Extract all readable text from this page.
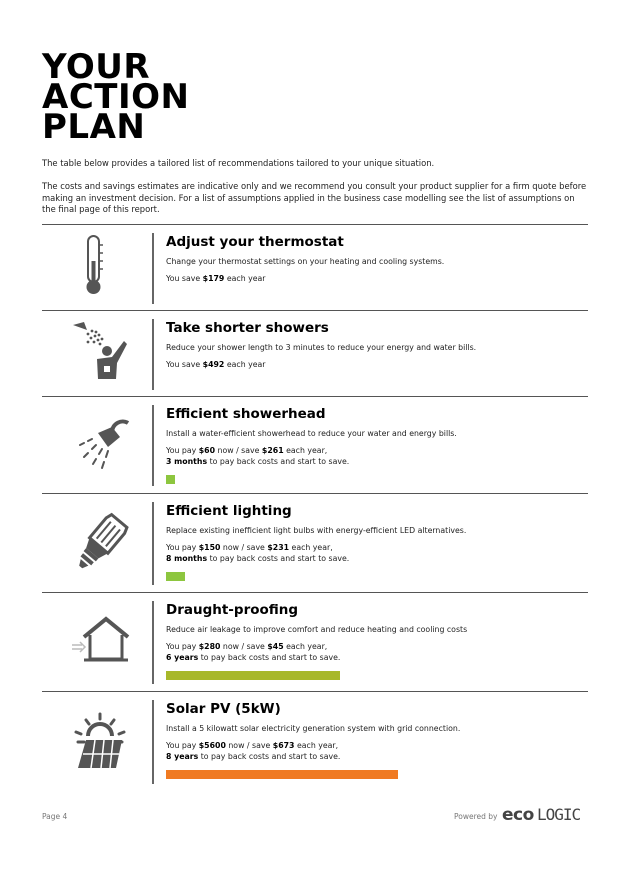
YOUR
ACTION
PLAN

The table below provides a tailored list of recommendations tailored to your unique situation.

The costs and savings estimates are indicative only and we recommend you consult your product supplier for a firm quote before making an investment decision. For a list of assumptions applied in the business case modelling see the list of assumptions on the final page of this report.

Adjust your thermostat

Change your thermostat settings on your heating and cooling systems.

You save $179 each year

Take shorter showers

Reduce your shower length to 3 minutes to reduce your energy and water bills.

You save $492 each year

Efficient showerhead

Install a water-efficient showerhead to reduce your water and energy bills.

You pay $60 now / save $261 each year,

3 months to pay back costs and start to save.

Efficient lighting

Replace existing inefficient light bulbs with energy-efficient LED alternatives.

You pay $150 now / save $231 each year,

8 months to pay back costs and start to save.

Draught-proofing

Reduce air leakage to improve comfort and reduce heating and cooling costs

You pay $280 now / save $45 each year,

6 years to pay back costs and start to save.

Solar PV (5kW)

Install a 5 kilowatt solar electricity generation system with grid connection.

You pay $5600 now / save $673 each year,

8 years to pay back costs and start to save.

Page 4	Powered by eco LOGIC
